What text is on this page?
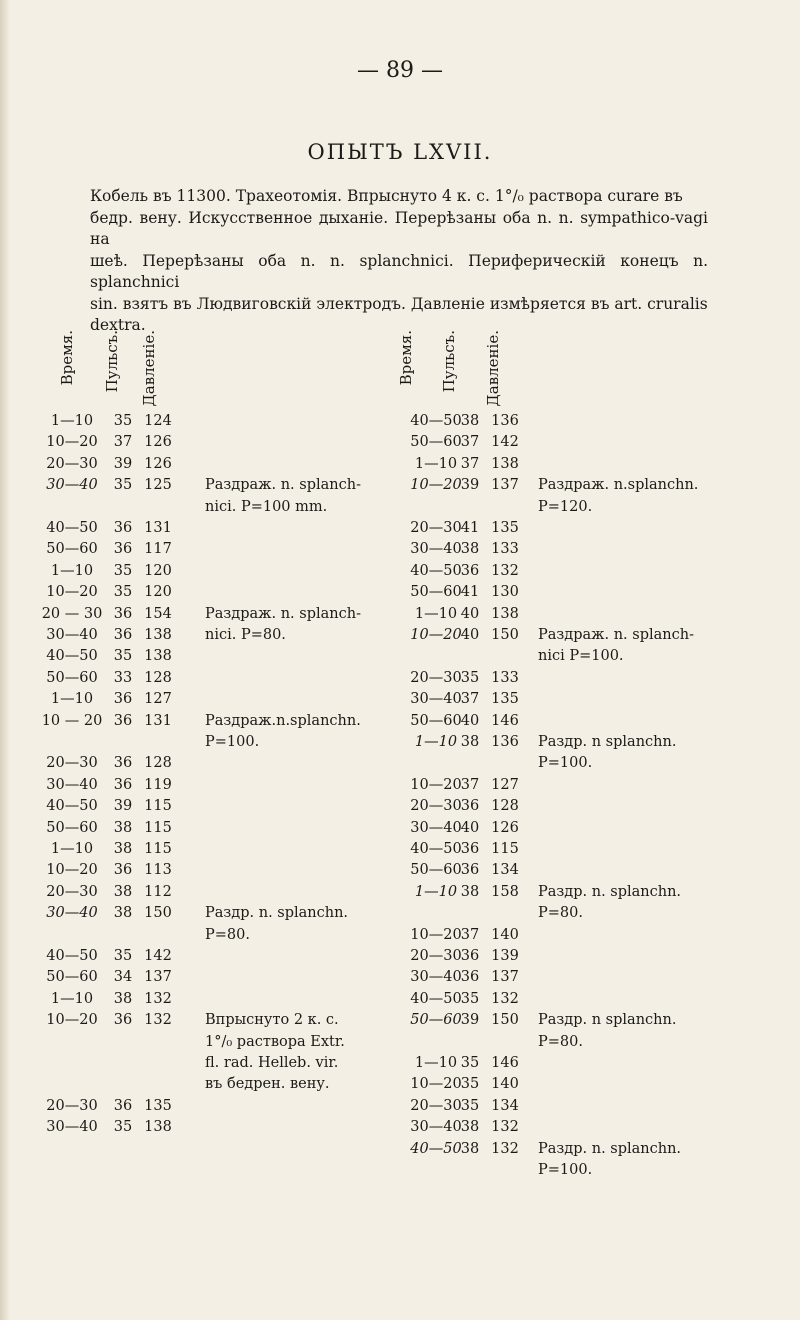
— 89 —
ОПЫТЪ LXVII.
Кобель въ 11300. Трахеотомія. Впрыснуто 4 к. с. 1°/₀ раствора curare въ
бедр. вену. Искусственное дыханіе. Перерѣзаны оба n. n. sympathico-vagi на
шеѣ. Перерѣзаны оба n. n. splanchnici. Периферическій конецъ n. splanchnici
sin. взятъ въ Людвиговскій электродъ. Давленіе измѣряется въ art. cruralis
dextra.
Время. Пульсъ. Давленіе.	Время. Пульсъ. Давленіе.
1—10	35 124
10—20	37 126
20—30	39 126
30—40	35 125 Раздраж. n. splanch-
nici. P=100 mm.
40—50	36 131
50—60	36 117
1—10	35 120
10—20	35 120
20 — 30 36 154 Раздраж. n. splanch-
nici. P=80.
30—40	36 138
40—50	35 138
50—60	33 128
1—10	36 127
10 — 20 36 131 Раздраж.n.splanchn.
P=100.
20—30	36 128
30—40	36 119
40—50	39 115
50—60	38 115
1—10	38 115
10—20	36 113
20—30	38 112
30—40	38 150 Раздр. n. splanchn.
P=80.
40—50	35 142
50—60	34 137
1—10	38 132
10—20	36 132 Впрыснуто 2 к. с.
1°/₀ раствора Extr.
fl. rad. Helleb. vir.
въ бедрен. вену.
20—30	36 135
30—40	35 138
40—50 38 136
50—60 37 142
1—10 37 138
10—20 39 137 Раздраж. n.splanchn.
P=120.
20—30 41 135
30—40 38 133
40—50 36 132
50—60 41 130
1—10 40 138
10—20 40 150 Раздраж. n. splanch-
nici P=100.
20—30 35 133
30—40 37 135
50—60 40 146
1—10 38 136 Раздр. n splanchn.
P=100.
10—20 37 127
20—30 36 128
30—40 40 126
40—50 36 115
50—60 36 134
1—10 38 158 Раздр. n. splanchn.
P=80.
10—20 37 140
20—30 36 139
30—40 36 137
40—50 35 132
50—60 39 150 Раздр. n splanchn.
P=80.
1—10 35 146
10—20 35 140
20—30 35 134
30—40 38 132
40—50 38 132 Раздр. n. splanchn.
P=100.
